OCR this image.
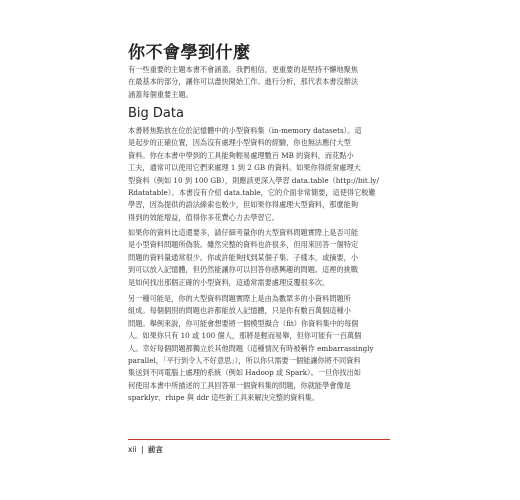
你不會學到什麼

有一些重要的主題本書不會涵蓋。我們相信，更重要的是堅持不懈地聚焦
在最基本的部分，讓你可以盡快開始工作。進行分析，那代表本書沒辦法
涵蓋每個重要主題。

Big Data

本書將焦點放在位於記憶體中的小型資料集（in-memory datasets）。這
是起步的正確位置，因為沒有處理小型資料的經驗，你也無法應付大型
資料。你在本書中學到的工具能夠輕易處理數百 MB 的資料，而花點小
工夫，通常可以使用它們來處理 1 到 2 GB 的資料。如果你得經常處理大
型資料（例如 10 到 100 GB），則應該更深入學習 data.table（http://bit.ly/
Rdatatable）。本書沒有介紹 data.table，它的介面非常簡要，這使得它較難
學習，因為提供的語法線索也較少，但如果你得處理大型資料，那麼能夠
得到的效能增益，值得你多花費心力去學習它。

如果你的資料比這還要多，請仔細考量你的大型資料問題實際上是否可能
是小型資料問題所偽裝。雖然完整的資料也許很多，但用來回答一個特定
問題的資料量通常很少。你或許能夠找到某個子集、子樣本，或摘要，小
到可以放入記憶體，但仍然能讓你可以回答你感興趣的問題。這裡的挑戰
是如何找出那個正確的小型資料，這通常需要處理反覆很多次。

另一種可能是，你的大型資料問題實際上是由為數眾多的小資料問題所
組成。每個個別的問題也許都能放入記憶體，只是你有數百萬個這種小
問題。舉例來說，你可能會想要將一個模型擬合（fit）你資料集中的每個
人。如果你只有 10 或 100 個人，那將是輕而易舉，但你可能有一百萬個
人。幸好每個問題都獨立於其他問題（這種情況有時被稱作 embarrassingly
parallel，「平行到令人不好意思」），所以你只需要一個能讓你將不同資料
集送到不同電腦上處理的系統（例如 Hadoop 或 Spark）。一旦你找出如
何使用本書中所描述的工具回答單一個資料集的問題，你就能學會像是
sparklyr、rhipe 與 ddr 這些新工具來解決完整的資料集。

xii | 前言
